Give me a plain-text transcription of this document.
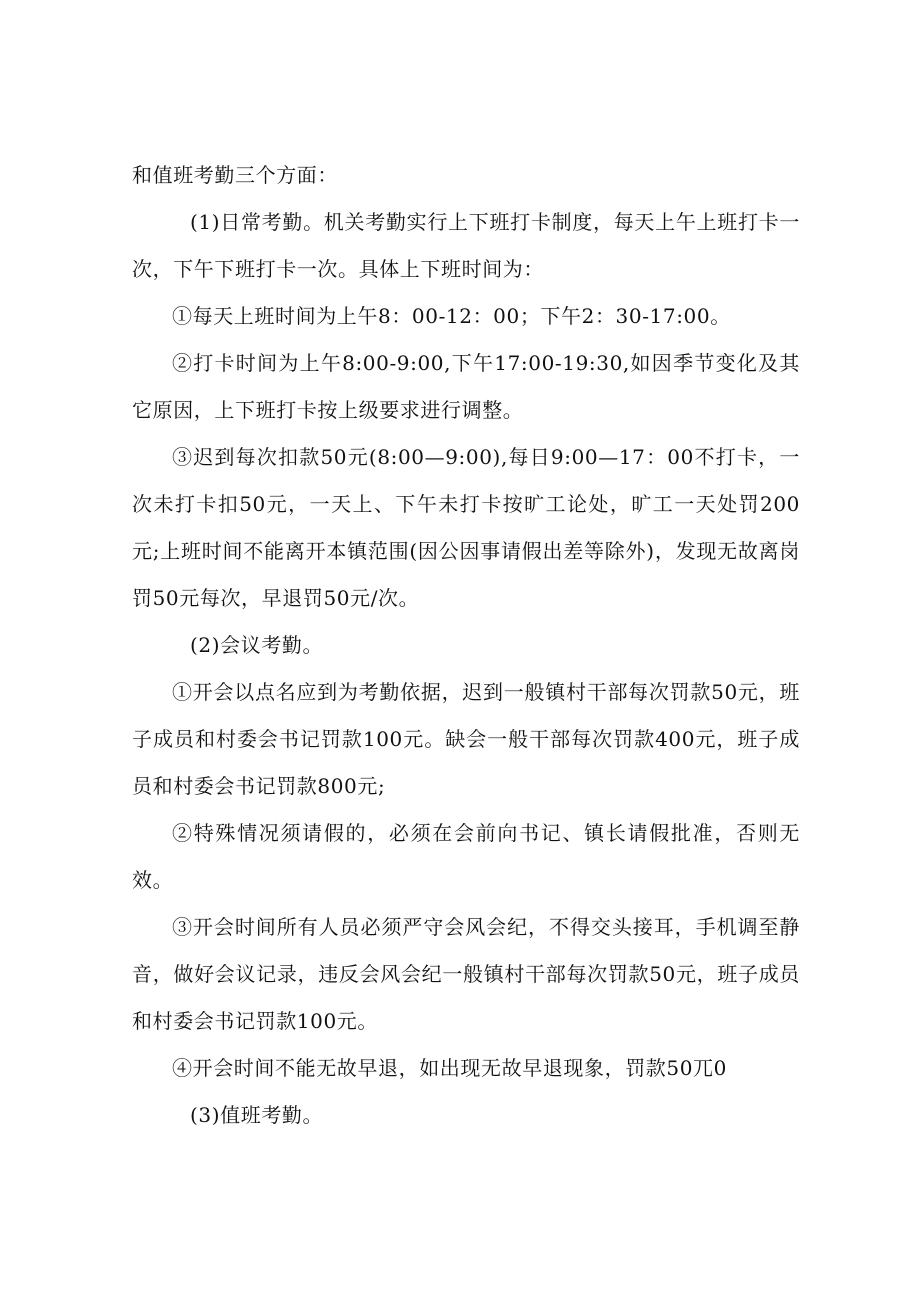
和值班考勤三个方面：

(1)日常考勤。机关考勤实行上下班打卡制度，每天上午上班打卡一次，下午下班打卡一次。具体上下班时间为：

①每天上班时间为上午8：00-12：00；下午2：30-17:00。

②打卡时间为上午8:00-9:00,下午17:00-19:30,如因季节变化及其它原因，上下班打卡按上级要求进行调整。

③迟到每次扣款50元(8:00—9:00),每日9:00—17：00不打卡，一次未打卡扣50元，一天上、下午未打卡按旷工论处，旷工一天处罚200元;上班时间不能离开本镇范围(因公因事请假出差等除外)，发现无故离岗罚50元每次，早退罚50元/次。

(2)会议考勤。

①开会以点名应到为考勤依据，迟到一般镇村干部每次罚款50元，班子成员和村委会书记罚款100元。缺会一般干部每次罚款400元，班子成员和村委会书记罚款800元;

②特殊情况须请假的，必须在会前向书记、镇长请假批准，否则无效。

③开会时间所有人员必须严守会风会纪，不得交头接耳，手机调至静音，做好会议记录，违反会风会纪一般镇村干部每次罚款50元，班子成员和村委会书记罚款100元。

④开会时间不能无故早退，如出现无故早退现象，罚款50兀0

(3)值班考勤。
